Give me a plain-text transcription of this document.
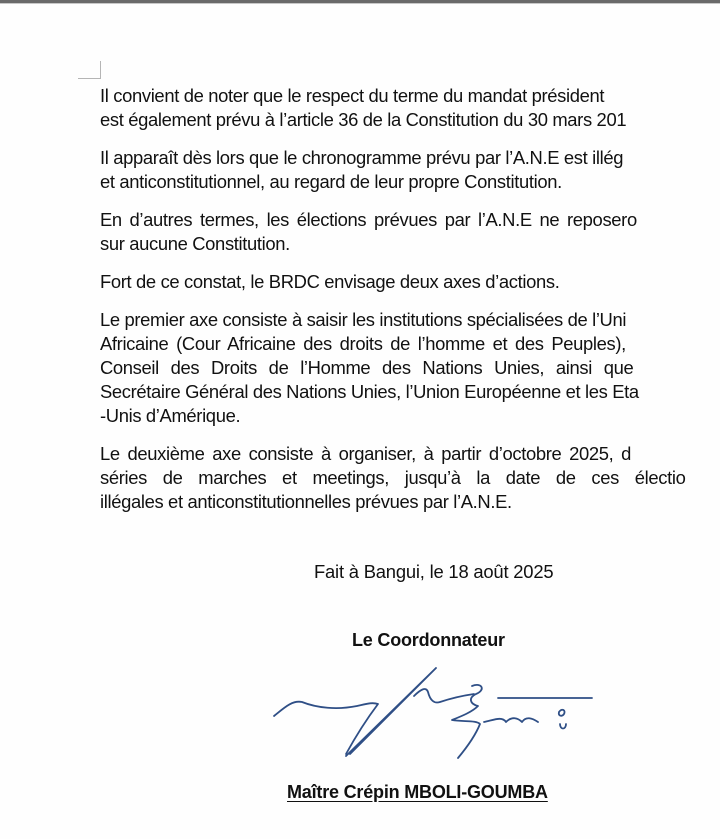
Il convient de noter que le respect du terme du mandat président
est également prévu à l’article 36 de la Constitution du 30 mars 201

Il apparaît dès lors que le chronogramme prévu par l’A.N.E est illég
et anticonstitutionnel, au regard de leur propre Constitution.

En d’autres termes, les élections prévues par l’A.N.E ne reposero
sur aucune Constitution.

Fort de ce constat, le BRDC envisage deux axes d’actions.

Le premier axe consiste à saisir les institutions spécialisées de l’Uni
Africaine (Cour Africaine des droits de l’homme et des Peuples),
Conseil des Droits de l’Homme des Nations Unies, ainsi que
Secrétaire Général des Nations Unies, l’Union Européenne et les Eta
-Unis d’Amérique.

Le deuxième axe consiste à organiser, à partir d’octobre 2025, d
séries de marches et meetings, jusqu’à la date de ces électio
illégales et anticonstitutionnelles prévues par l’A.N.E.

Fait à Bangui, le 18 août 2025
Le Coordonnateur
Maître Crépin MBOLI-GOUMBA
